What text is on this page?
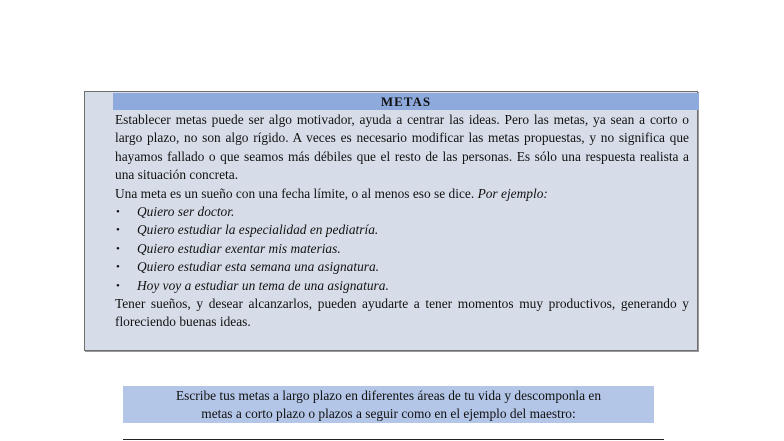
METAS

Establecer metas puede ser algo motivador, ayuda a centrar las ideas. Pero las metas, ya sean a corto o largo plazo, no son algo rígido. A veces es necesario modificar las metas propuestas, y no significa que hayamos fallado o que seamos más débiles que el resto de las personas. Es sólo una respuesta realista a una situación concreta.

Una meta es un sueño con una fecha límite, o al menos eso se dice. Por ejemplo:

• Quiero ser doctor.
• Quiero estudiar la especialidad en pediatría.
• Quiero estudiar exentar mis materias.
• Quiero estudiar esta semana una asignatura.
• Hoy voy a estudiar un tema de una asignatura.

Tener sueños, y desear alcanzarlos, pueden ayudarte a tener momentos muy productivos, generando y floreciendo buenas ideas.

Escribe tus metas a largo plazo en diferentes áreas de tu vida y descomponla en
metas a corto plazo o plazos a seguir como en el ejemplo del maestro:
